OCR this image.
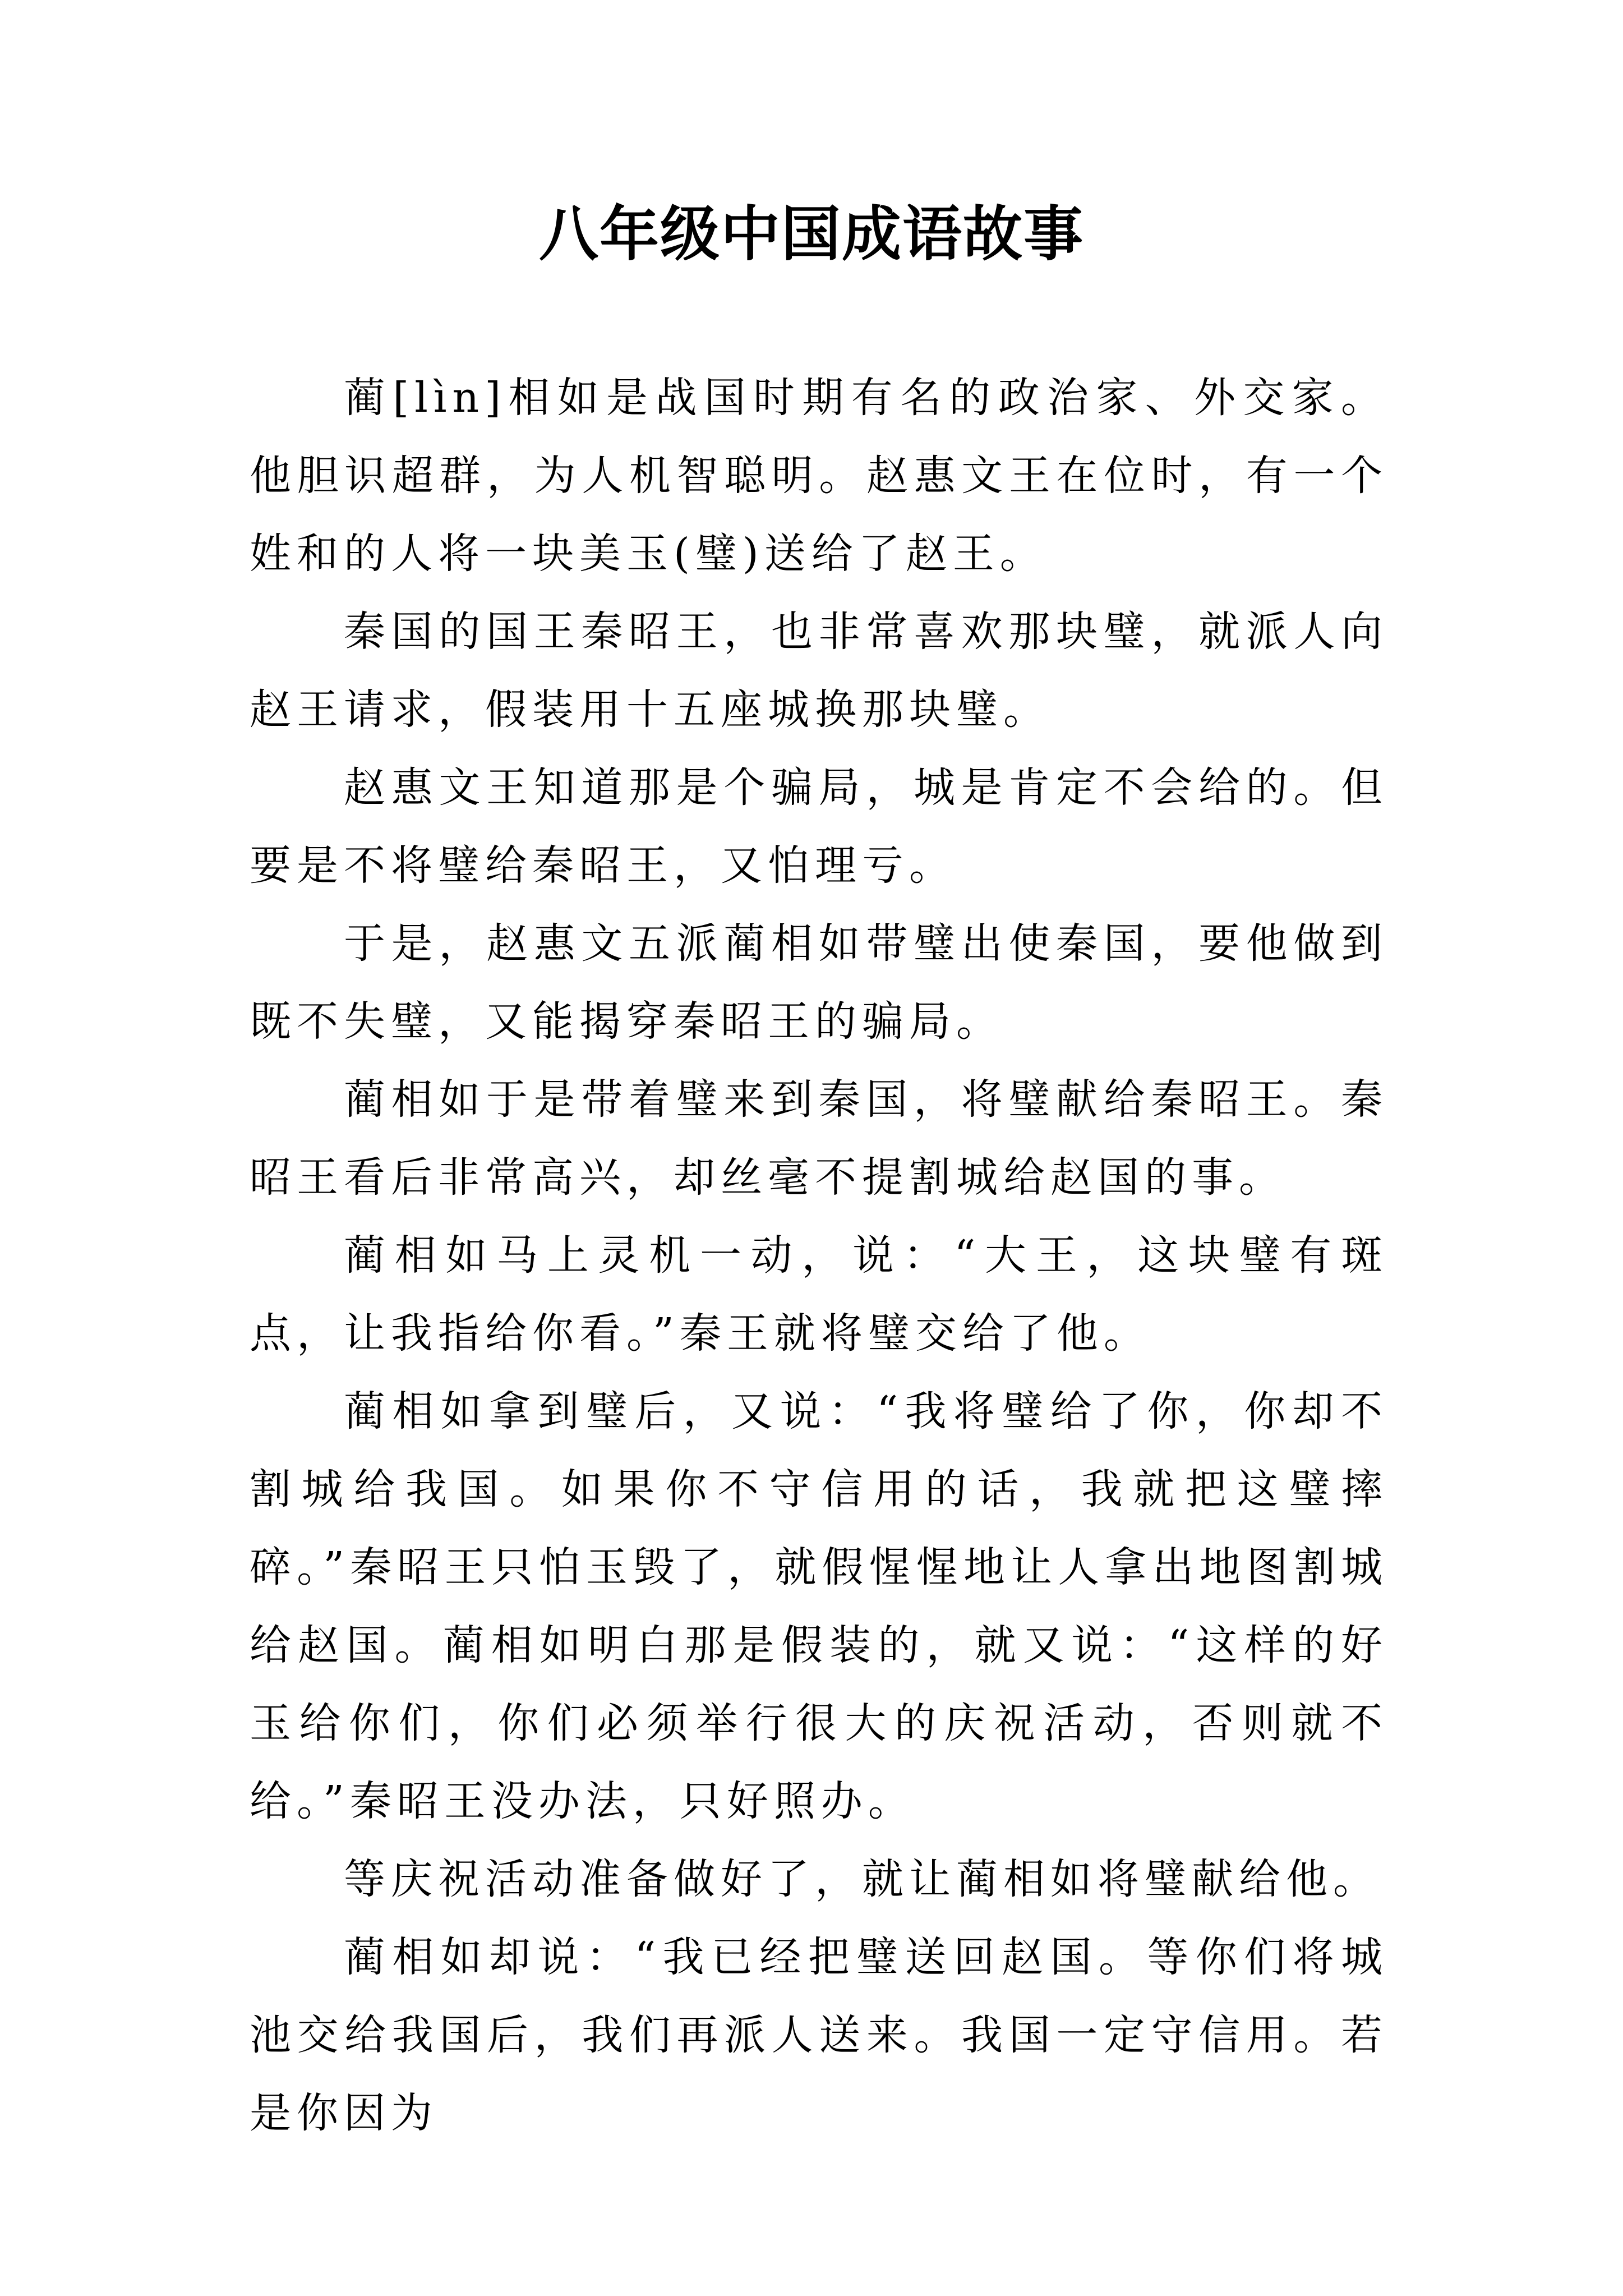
八年级中国成语故事

蔺[lìn]相如是战国时期有名的政治家、外交家。他胆识超群，为人机智聪明。赵惠文王在位时，有一个姓和的人将一块美玉(璧)送给了赵王。

秦国的国王秦昭王，也非常喜欢那块璧，就派人向赵王请求，假装用十五座城换那块璧。

赵惠文王知道那是个骗局，城是肯定不会给的。但要是不将璧给秦昭王，又怕理亏。

于是，赵惠文五派蔺相如带璧出使秦国，要他做到既不失璧，又能揭穿秦昭王的骗局。

蔺相如于是带着璧来到秦国，将璧献给秦昭王。秦昭王看后非常高兴，却丝毫不提割城给赵国的事。

蔺相如马上灵机一动，说：“大王，这块璧有斑点，让我指给你看。”秦王就将璧交给了他。

蔺相如拿到璧后，又说：“我将璧给了你，你却不割城给我国。如果你不守信用的话，我就把这璧摔碎。”秦昭王只怕玉毁了，就假惺惺地让人拿出地图割城给赵国。蔺相如明白那是假装的，就又说：“这样的好玉给你们，你们必须举行很大的庆祝活动，否则就不给。”秦昭王没办法，只好照办。

等庆祝活动准备做好了，就让蔺相如将璧献给他。

蔺相如却说：“我已经把璧送回赵国。等你们将城池交给我国后，我们再派人送来。我国一定守信用。若是你因为
